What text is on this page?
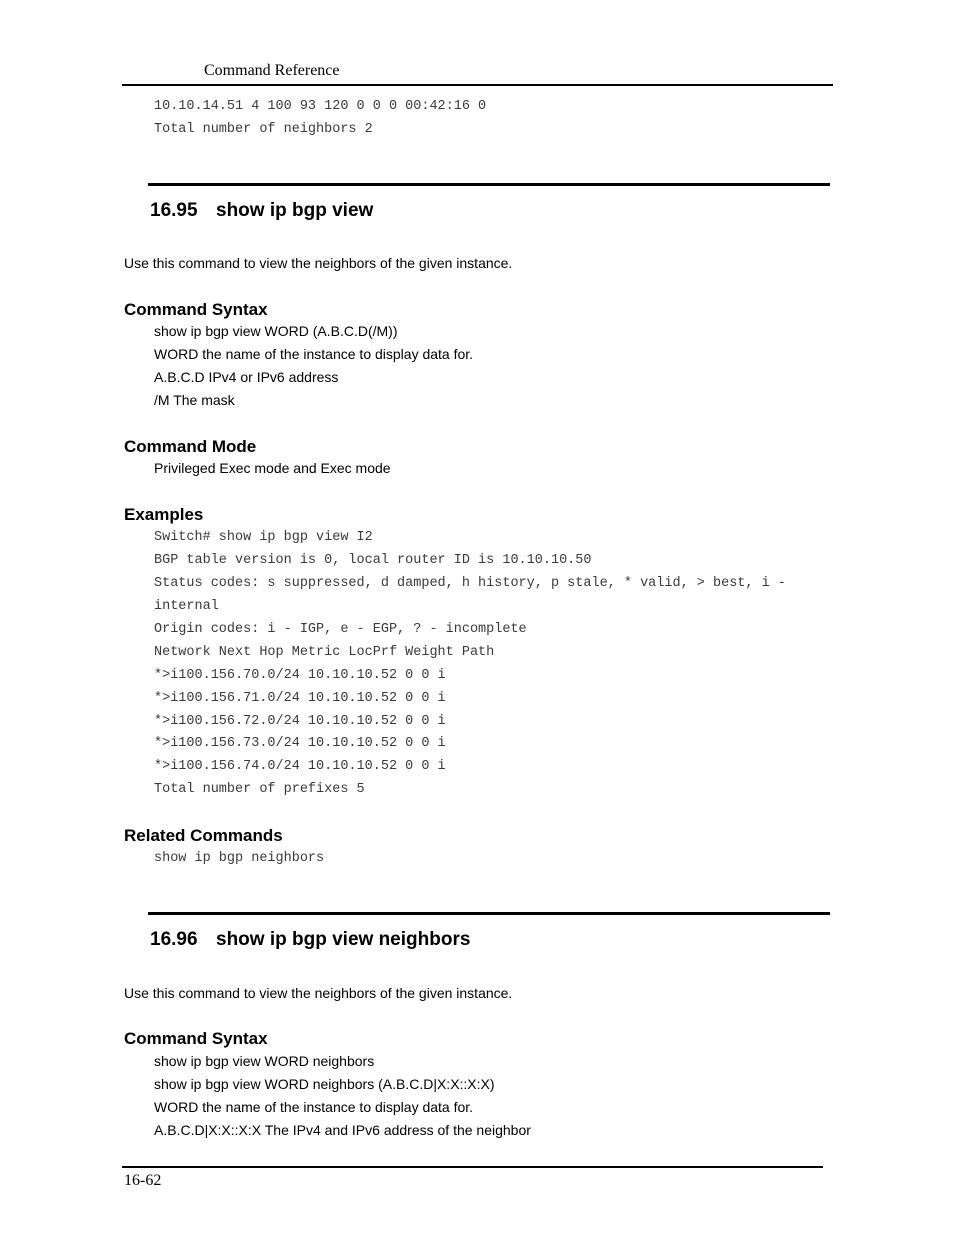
Command Reference
10.10.14.51 4 100 93 120 0 0 0 00:42:16 0
Total number of neighbors 2
16.95 show ip bgp view
Use this command to view the neighbors of the given instance.
Command Syntax
show ip bgp view WORD (A.B.C.D(/M))
WORD the name of the instance to display data for.
A.B.C.D IPv4 or IPv6 address
/M The mask
Command Mode
Privileged Exec mode and Exec mode
Examples
Switch# show ip bgp view I2
BGP table version is 0, local router ID is 10.10.10.50
Status codes: s suppressed, d damped, h history, p stale, * valid, > best, i -
internal
Origin codes: i - IGP, e - EGP, ? - incomplete
Network Next Hop Metric LocPrf Weight Path
*>i100.156.70.0/24 10.10.10.52 0 0 i
*>i100.156.71.0/24 10.10.10.52 0 0 i
*>i100.156.72.0/24 10.10.10.52 0 0 i
*>i100.156.73.0/24 10.10.10.52 0 0 i
*>i100.156.74.0/24 10.10.10.52 0 0 i
Total number of prefixes 5
Related Commands
show ip bgp neighbors
16.96 show ip bgp view neighbors
Use this command to view the neighbors of the given instance.
Command Syntax
show ip bgp view WORD neighbors
show ip bgp view WORD neighbors (A.B.C.D|X:X::X:X)
WORD the name of the instance to display data for.
A.B.C.D|X:X::X:X The IPv4 and IPv6 address of the neighbor
16-62
